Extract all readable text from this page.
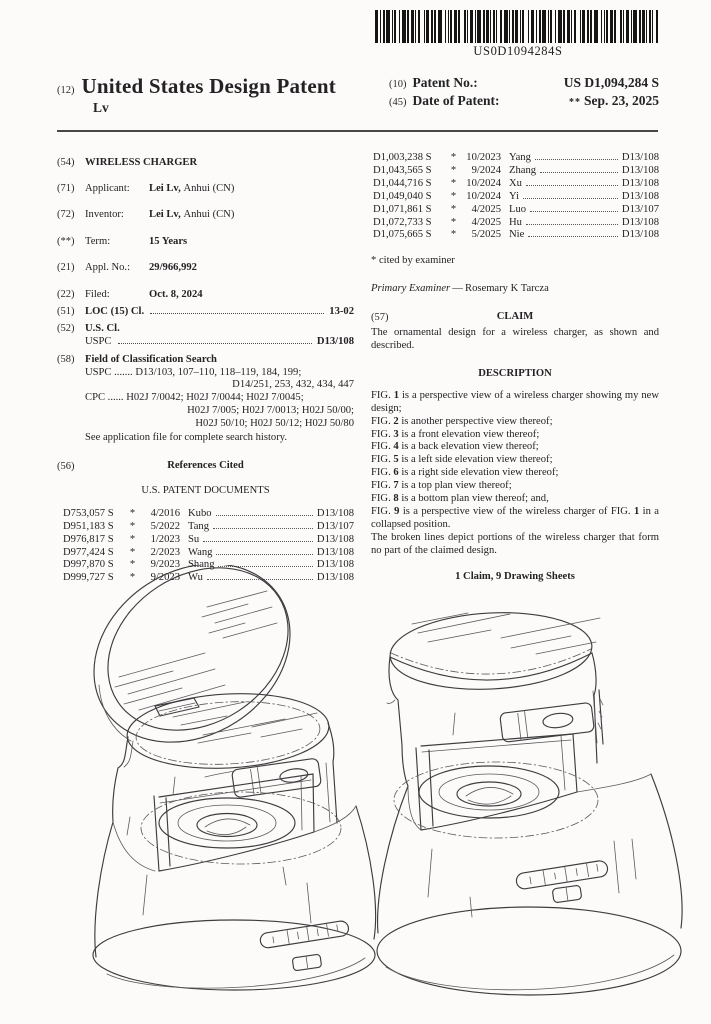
US0D1094284S
(12) United States Design Patent
Lv
(10) Patent No.:	US D1,094,284 S
(45) Date of Patent:	** Sep. 23, 2025
(54) WIRELESS CHARGER
(71) Applicant:	Lei Lv, Anhui (CN)
(72) Inventor:	Lei Lv, Anhui (CN)
(**) Term:	15 Years
(21) Appl. No.:	29/966,992
(22) Filed:	Oct. 8, 2024
(51) LOC (15) Cl.	13-02
(52) U.S. Cl.
USPC	D13/108
(58) Field of Classification Search
USPC ....... D13/103, 107–110, 118–119, 184, 199;
D14/251, 253, 432, 434, 447
CPC ...... H02J 7/0042; H02J 7/0044; H02J 7/0045;
H02J 7/005; H02J 7/0013; H02J 50/00;
H02J 50/10; H02J 50/12; H02J 50/80
See application file for complete search history.
(56)	References Cited
U.S. PATENT DOCUMENTS
D753,057 S	*	4/2016 Kubo	D13/108
D951,183 S	*	5/2022 Tang	D13/107
D976,817 S	*	1/2023 Su	D13/108
D977,424 S	*	2/2023 Wang	D13/108
D997,870 S	*	9/2023 Shang	D13/108
D999,727 S	*	9/2023 Wu	D13/108
D1,003,238 S	* 10/2023 Yang	D13/108
D1,043,565 S	*	9/2024 Zhang	D13/108
D1,044,716 S	* 10/2024 Xu	D13/108
D1,049,040 S	* 10/2024 Yi	D13/108
D1,071,861 S	*	4/2025 Luo	D13/107
D1,072,733 S	*	4/2025 Hu	D13/108
D1,075,665 S	*	5/2025 Nie	D13/108
* cited by examiner
Primary Examiner — Rosemary K Tarcza
(57)	CLAIM
The ornamental design for a wireless charger, as shown and described.
DESCRIPTION

FIG. 1 is a perspective view of a wireless charger showing my new design;

FIG. 2 is another perspective view thereof;

FIG. 3 is a front elevation view thereof;

FIG. 4 is a back elevation view thereof;

FIG. 5 is a left side elevation view thereof;

FIG. 6 is a right side elevation view thereof;

FIG. 7 is a top plan view thereof;

FIG. 8 is a bottom plan view thereof; and,

FIG. 9 is a perspective view of the wireless charger of FIG. 1 in a collapsed position.

The broken lines depict portions of the wireless charger that form no part of the claimed design.
1 Claim, 9 Drawing Sheets
